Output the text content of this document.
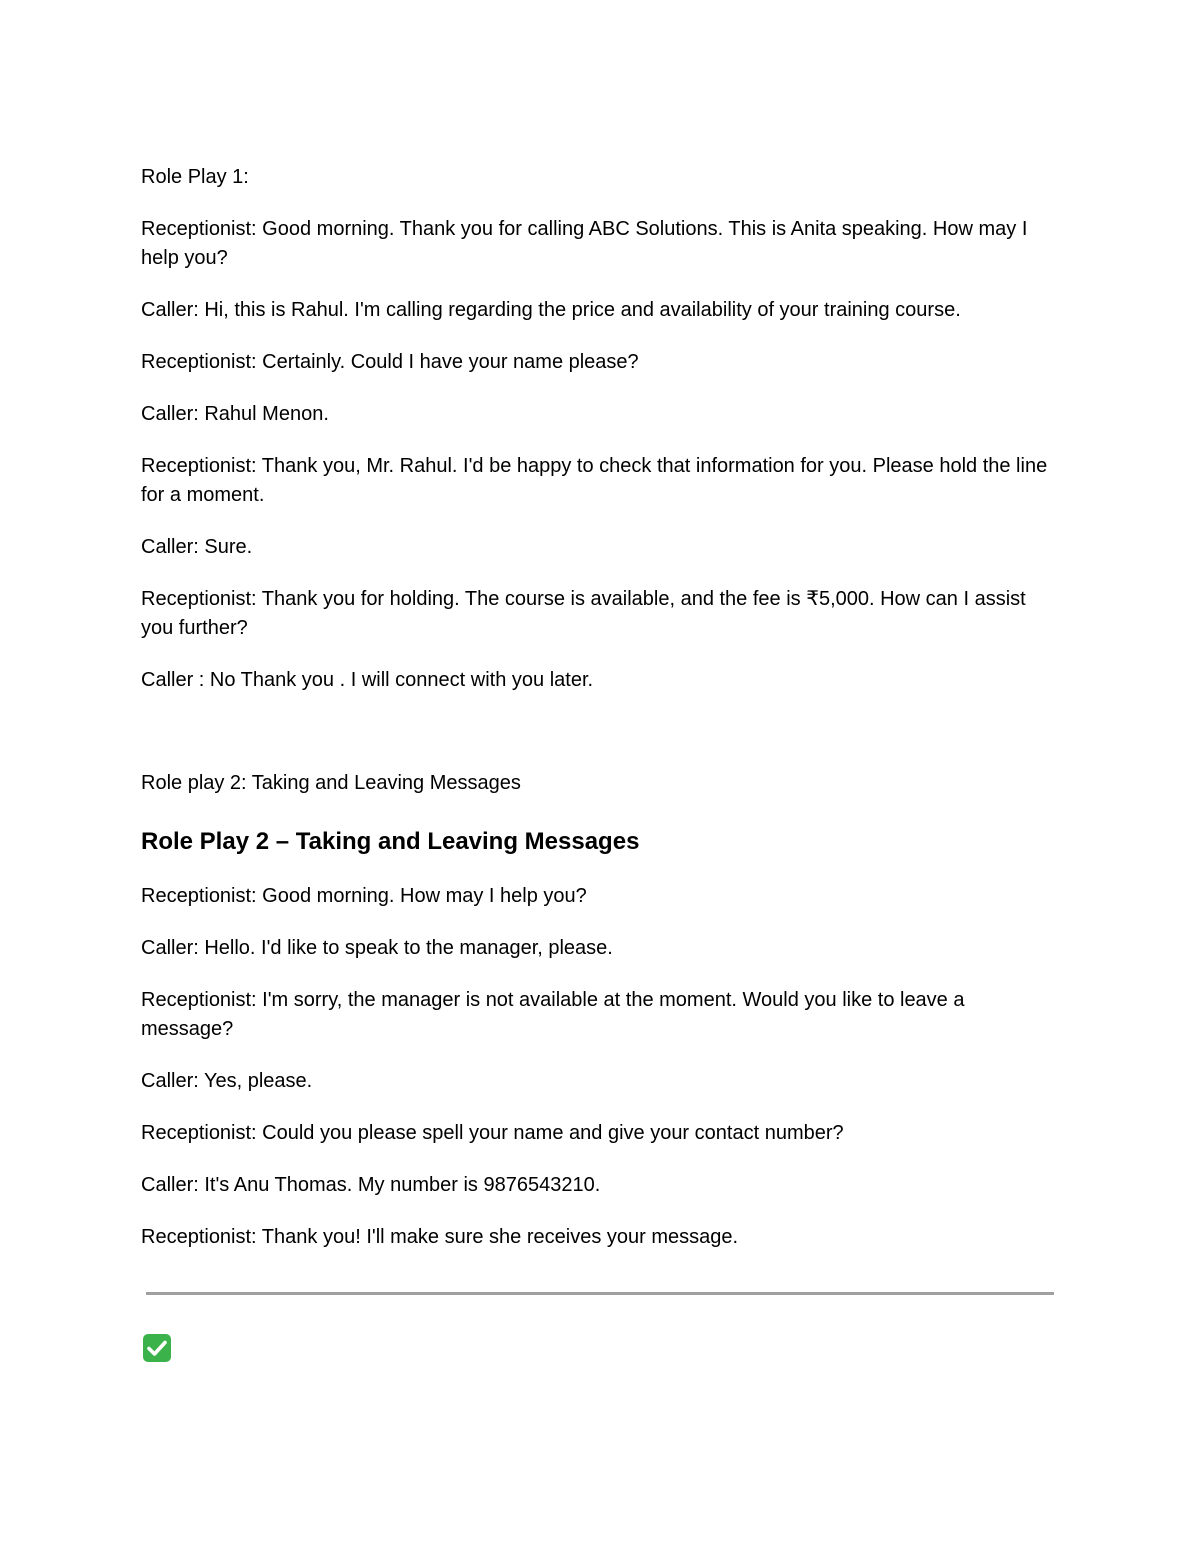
Role Play 1:

Receptionist: Good morning. Thank you for calling ABC Solutions. This is Anita speaking. How may I help you?

Caller: Hi, this is Rahul. I'm calling regarding the price and availability of your training course.

Receptionist: Certainly. Could I have your name please?

Caller: Rahul Menon.

Receptionist: Thank you, Mr. Rahul. I'd be happy to check that information for you. Please hold the line for a moment.

Caller: Sure.

Receptionist: Thank you for holding. The course is available, and the fee is ₹5,000. How can I assist you further?

Caller : No Thank you . I will connect with you later.

Role play 2: Taking and Leaving Messages

Role Play 2 – Taking and Leaving Messages

Receptionist: Good morning. How may I help you?

Caller: Hello. I'd like to speak to the manager, please.

Receptionist: I'm sorry, the manager is not available at the moment. Would you like to leave a message?

Caller: Yes, please.

Receptionist: Could you please spell your name and give your contact number?

Caller: It's Anu Thomas. My number is 9876543210.

Receptionist: Thank you! I'll make sure she receives your message.
